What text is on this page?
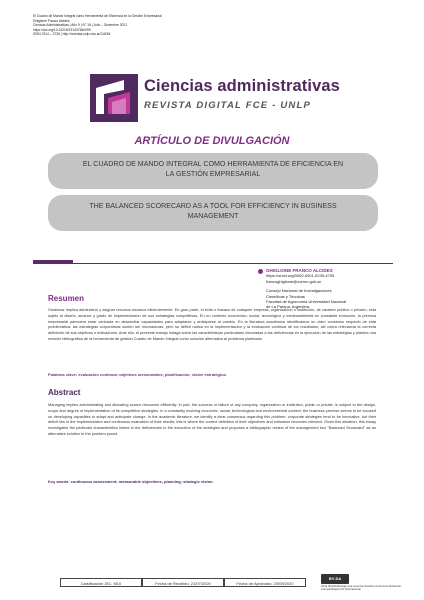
El Cuadro de Mando Integral como Herramienta de Eficiencia en la Gestión Empresarial
Ghiglione Franco Alcides
Ciencias Administrativas | Año 9 | N° 18 | Julio – Diciembre 2021
https://doi.org/10.24215/23143738e099
ISSN 2314 – 3738 | http://revistas.unlp.edu.ar/CADM
Ciencias administrativas
REVISTA DIGITAL FCE - UNLP
ARTÍCULO DE DIVULGACIÓN
EL CUADRO DE MANDO INTEGRAL COMO HERRAMIENTA DE EFICIENCIA EN LA GESTIÓN EMPRESARIAL
THE BALANCED SCORECARD AS A TOOL FOR EFFICIENCY IN BUSINESS MANAGEMENT
GHIGLIONE FRANCO ALCIDES
https://orcid.org/0000-0001-6239-4753
francoghiglione@correo.gob.ar
Consejo Nacional de Investigaciones
Científicas y Técnicas
Facultad de Agronomía Universidad Nacional
de La Pampa, Argentina.
Resumen
Gestionar implica administrar y asignar recursos escasos eficientemente. En gran parte, el éxito o fracaso de cualquier empresa, organización o institución, de carácter público o privado, está sujeto al diseño, alcance y grado de implementación de sus estrategias competitivas. En un contexto económico, social, tecnológico y medioambiental en constante evolución, la premisa empresarial pareciera estar centrada en desarrollar capacidades para adaptarse y anticiparse al cambio. En la literatura académica identificamos un claro consenso respecto de esta problemática: las estrategias corporativas suelen ser innovadoras; pero su déficit radica en la implementación y la evaluación continua de los resultados; allí cobra relevancia la correcta definición de sus objetivos e indicadores. Ante ello, el presente trabajo indaga sobre las características particulares vinculadas a las deficiencias en la ejecución de las estrategias y plantea una revisión bibliográfica de la herramienta de gestión Cuadro de Mando Integral como solución alternativa al problema planteado.
Palabras clave: evaluación continua; objetivos mensurables; planificación; visión estratégica.
Abstract
Managing implies administrating and allocating scarce resources efficiently. In part, the success or failure of any company, organization or institution, public or private, is subject to the design, scope and degree of implementation of its competitive strategies. In a constantly evolving economic, social, technological and environmental context, the business premise seems to be focused on developing capacities to adapt and anticipate change. In the academic literature, we identify a clear consensus regarding this problem: corporate strategies tend to be innovative, but their deficit lies in the implementation and continuous evaluation of their results; this is where the correct definition of their objectives and indicators becomes relevant. Given this situation, this essay investigates the particular characteristics linked to the deficiencies in the execution of the strategies and proposes a bibliographic review of the management tool "Balanced Scorecard" as an alternative solution to the problem posed.
Key words: continuous assessment; measurable objectives; planning; strategic vision.
Clasificación JEL: M10	Fecha de Recibido: 21/07/2020	Fecha de Aprobado: 20/09/2020
BY-SA
Obra distribuida bajo una Licencia Creative Commons Atribución-CompartirIgual 4.0 Internacional
